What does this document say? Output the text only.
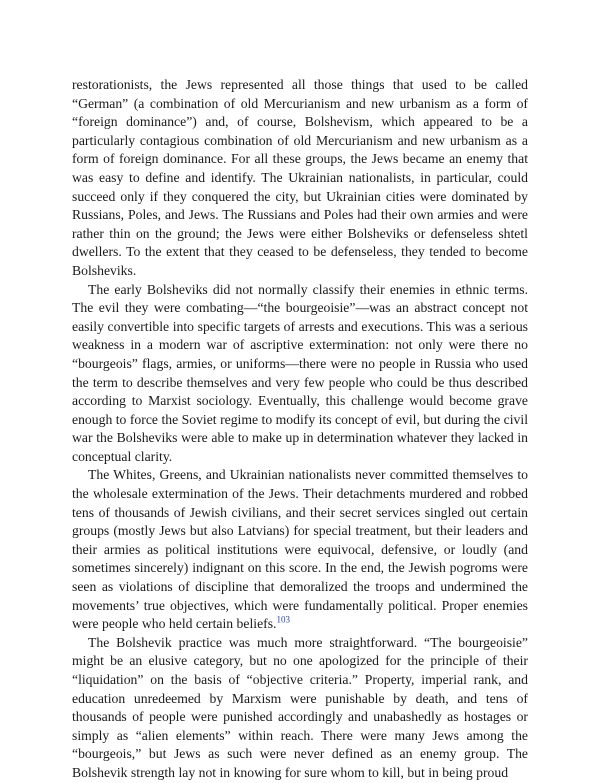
restorationists, the Jews represented all those things that used to be called “German” (a combination of old Mercurianism and new urbanism as a form of “foreign dominance”) and, of course, Bolshevism, which appeared to be a particularly contagious combination of old Mercurianism and new urbanism as a form of foreign dominance. For all these groups, the Jews became an enemy that was easy to define and identify. The Ukrainian nationalists, in particular, could succeed only if they conquered the city, but Ukrainian cities were dominated by Russians, Poles, and Jews. The Russians and Poles had their own armies and were rather thin on the ground; the Jews were either Bolsheviks or defenseless shtetl dwellers. To the extent that they ceased to be defenseless, they tended to become Bolsheviks.

The early Bolsheviks did not normally classify their enemies in ethnic terms. The evil they were combating—“the bourgeoisie”—was an abstract concept not easily convertible into specific targets of arrests and executions. This was a serious weakness in a modern war of ascriptive extermination: not only were there no “bourgeois” flags, armies, or uniforms—there were no people in Russia who used the term to describe themselves and very few people who could be thus described according to Marxist sociology. Eventually, this challenge would become grave enough to force the Soviet regime to modify its concept of evil, but during the civil war the Bolsheviks were able to make up in determination whatever they lacked in conceptual clarity.

The Whites, Greens, and Ukrainian nationalists never committed themselves to the wholesale extermination of the Jews. Their detachments murdered and robbed tens of thousands of Jewish civilians, and their secret services singled out certain groups (mostly Jews but also Latvians) for special treatment, but their leaders and their armies as political institutions were equivocal, defensive, or loudly (and sometimes sincerely) indignant on this score. In the end, the Jewish pogroms were seen as violations of discipline that demoralized the troops and undermined the movements’ true objectives, which were fundamentally political. Proper enemies were people who held certain beliefs.$^{103}$

The Bolshevik practice was much more straightforward. “The bourgeoisie” might be an elusive category, but no one apologized for the principle of their “liquidation” on the basis of “objective criteria.” Property, imperial rank, and education unredeemed by Marxism were punishable by death, and tens of thousands of people were punished accordingly and unabashedly as hostages or simply as “alien elements” within reach. There were many Jews among the “bourgeois,” but Jews as such were never defined as an enemy group. The Bolshevik strength lay not in knowing for sure whom to kill, but in being proud
